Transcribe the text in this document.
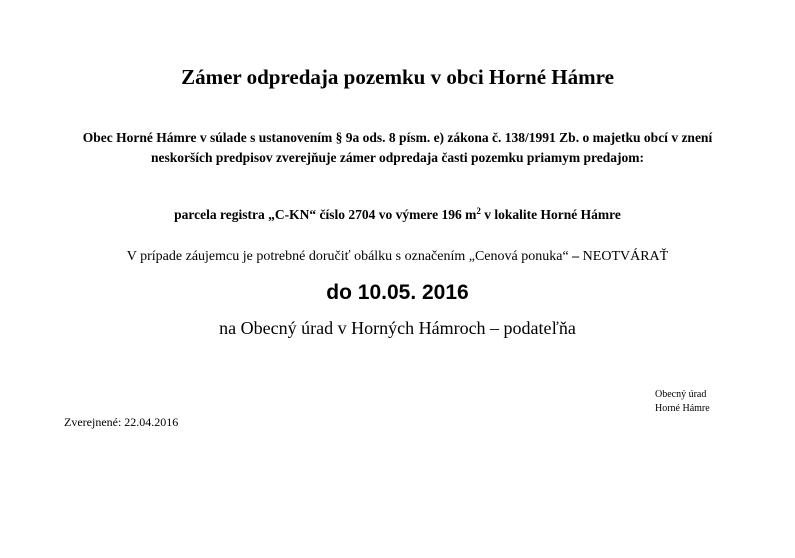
Zámer odpredaja pozemku v obci Horné Hámre
Obec Horné Hámre v súlade s ustanovením § 9a ods. 8 písm. e) zákona č. 138/1991 Zb. o majetku obcí v znení neskorších predpisov zverejňuje zámer odpredaja časti pozemku priamym predajom:
parcela registra „C-KN“ číslo 2704 vo výmere 196 $m^2$ v lokalite Horné Hámre
V prípade záujemcu je potrebné doručiť obálku s označením „Cenová ponuka“ – NEOTVÁRAŤ
do 10.05. 2016
na Obecný úrad v Horných Hámroch – podateľňa
Obecný úrad
Horné Hámre
Zverejnené: 22.04.2016
